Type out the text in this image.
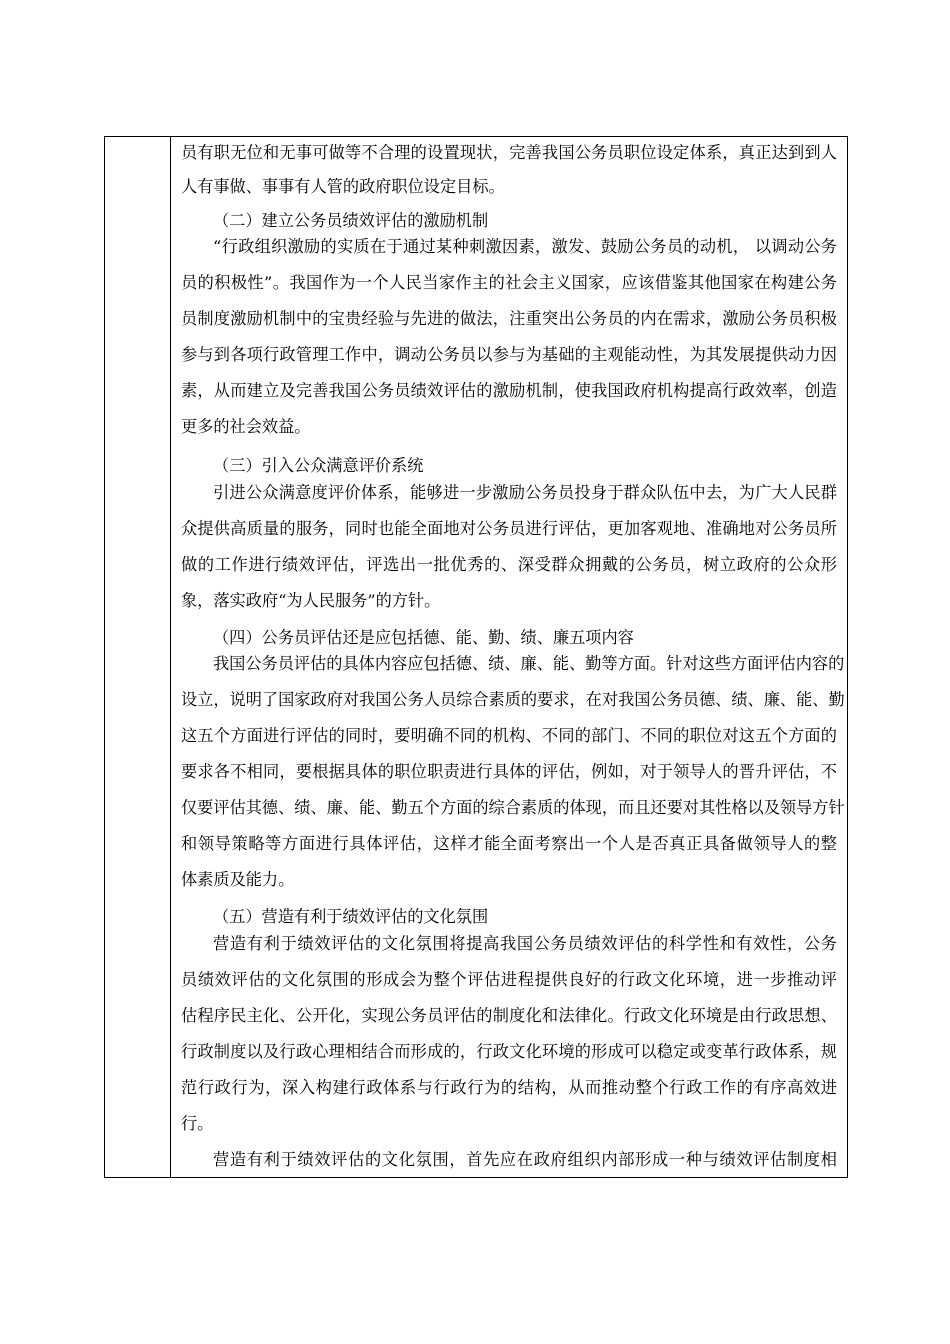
员有职无位和无事可做等不合理的设置现状，完善我国公务员职位设定体系，真正达到到人
人有事做、事事有人管的政府职位设定目标。
（二）建立公务员绩效评估的激励机制
“行政组织激励的实质在于通过某种刺激因素，激发、鼓励公务员的动机， 以调动公务
员的积极性”。我国作为一个人民当家作主的社会主义国家，应该借鉴其他国家在构建公务
员制度激励机制中的宝贵经验与先进的做法，注重突出公务员的内在需求，激励公务员积极
参与到各项行政管理工作中，调动公务员以参与为基础的主观能动性，为其发展提供动力因
素，从而建立及完善我国公务员绩效评估的激励机制，使我国政府机构提高行政效率，创造
更多的社会效益。
（三）引入公众满意评价系统
引进公众满意度评价体系，能够进一步激励公务员投身于群众队伍中去，为广大人民群
众提供高质量的服务，同时也能全面地对公务员进行评估，更加客观地、准确地对公务员所
做的工作进行绩效评估，评选出一批优秀的、深受群众拥戴的公务员，树立政府的公众形
象，落实政府“为人民服务”的方针。
（四）公务员评估还是应包括德、能、勤、绩、廉五项内容
我国公务员评估的具体内容应包括德、绩、廉、能、勤等方面。针对这些方面评估内容的
设立，说明了国家政府对我国公务人员综合素质的要求，在对我国公务员德、绩、廉、能、勤
这五个方面进行评估的同时，要明确不同的机构、不同的部门、不同的职位对这五个方面的
要求各不相同，要根据具体的职位职责进行具体的评估，例如，对于领导人的晋升评估，不
仅要评估其德、绩、廉、能、勤五个方面的综合素质的体现，而且还要对其性格以及领导方针
和领导策略等方面进行具体评估，这样才能全面考察出一个人是否真正具备做领导人的整
体素质及能力。
（五）营造有利于绩效评估的文化氛围
营造有利于绩效评估的文化氛围将提高我国公务员绩效评估的科学性和有效性，公务
员绩效评估的文化氛围的形成会为整个评估进程提供良好的行政文化环境，进一步推动评
估程序民主化、公开化，实现公务员评估的制度化和法律化。行政文化环境是由行政思想、
行政制度以及行政心理相结合而形成的，行政文化环境的形成可以稳定或变革行政体系，规
范行政行为，深入构建行政体系与行政行为的结构，从而推动整个行政工作的有序高效进
行。
营造有利于绩效评估的文化氛围，首先应在政府组织内部形成一种与绩效评估制度相
